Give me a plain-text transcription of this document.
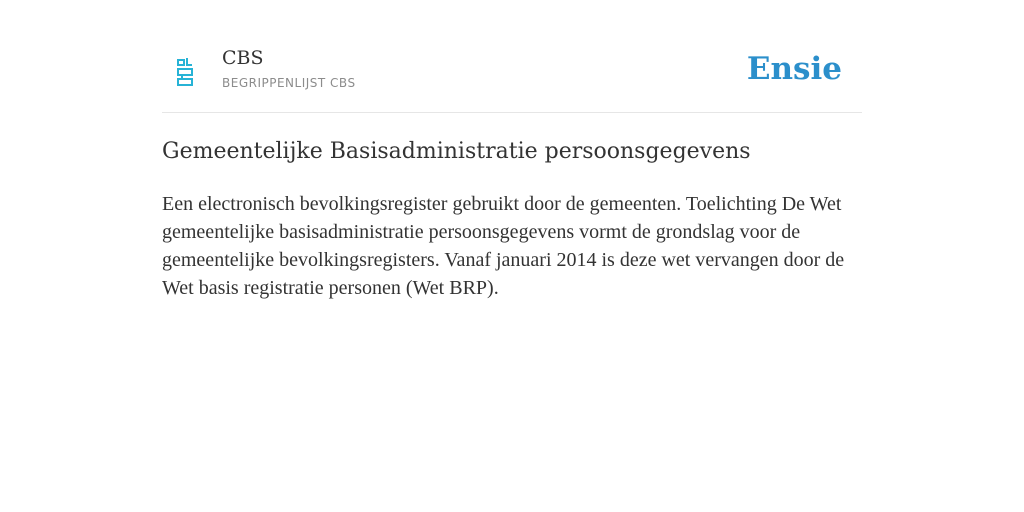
CBS
BEGRIPPENLIJST CBS	Ensie
Gemeentelijke Basisadministratie persoonsgegevens

Een electronisch bevolkingsregister gebruikt door de gemeenten. Toelichting De Wet gemeentelijke basisadministratie persoonsgegevens vormt de grondslag voor de gemeentelijke bevolkingsregisters. Vanaf januari 2014 is deze wet vervangen door de Wet basis registratie personen (Wet BRP).
